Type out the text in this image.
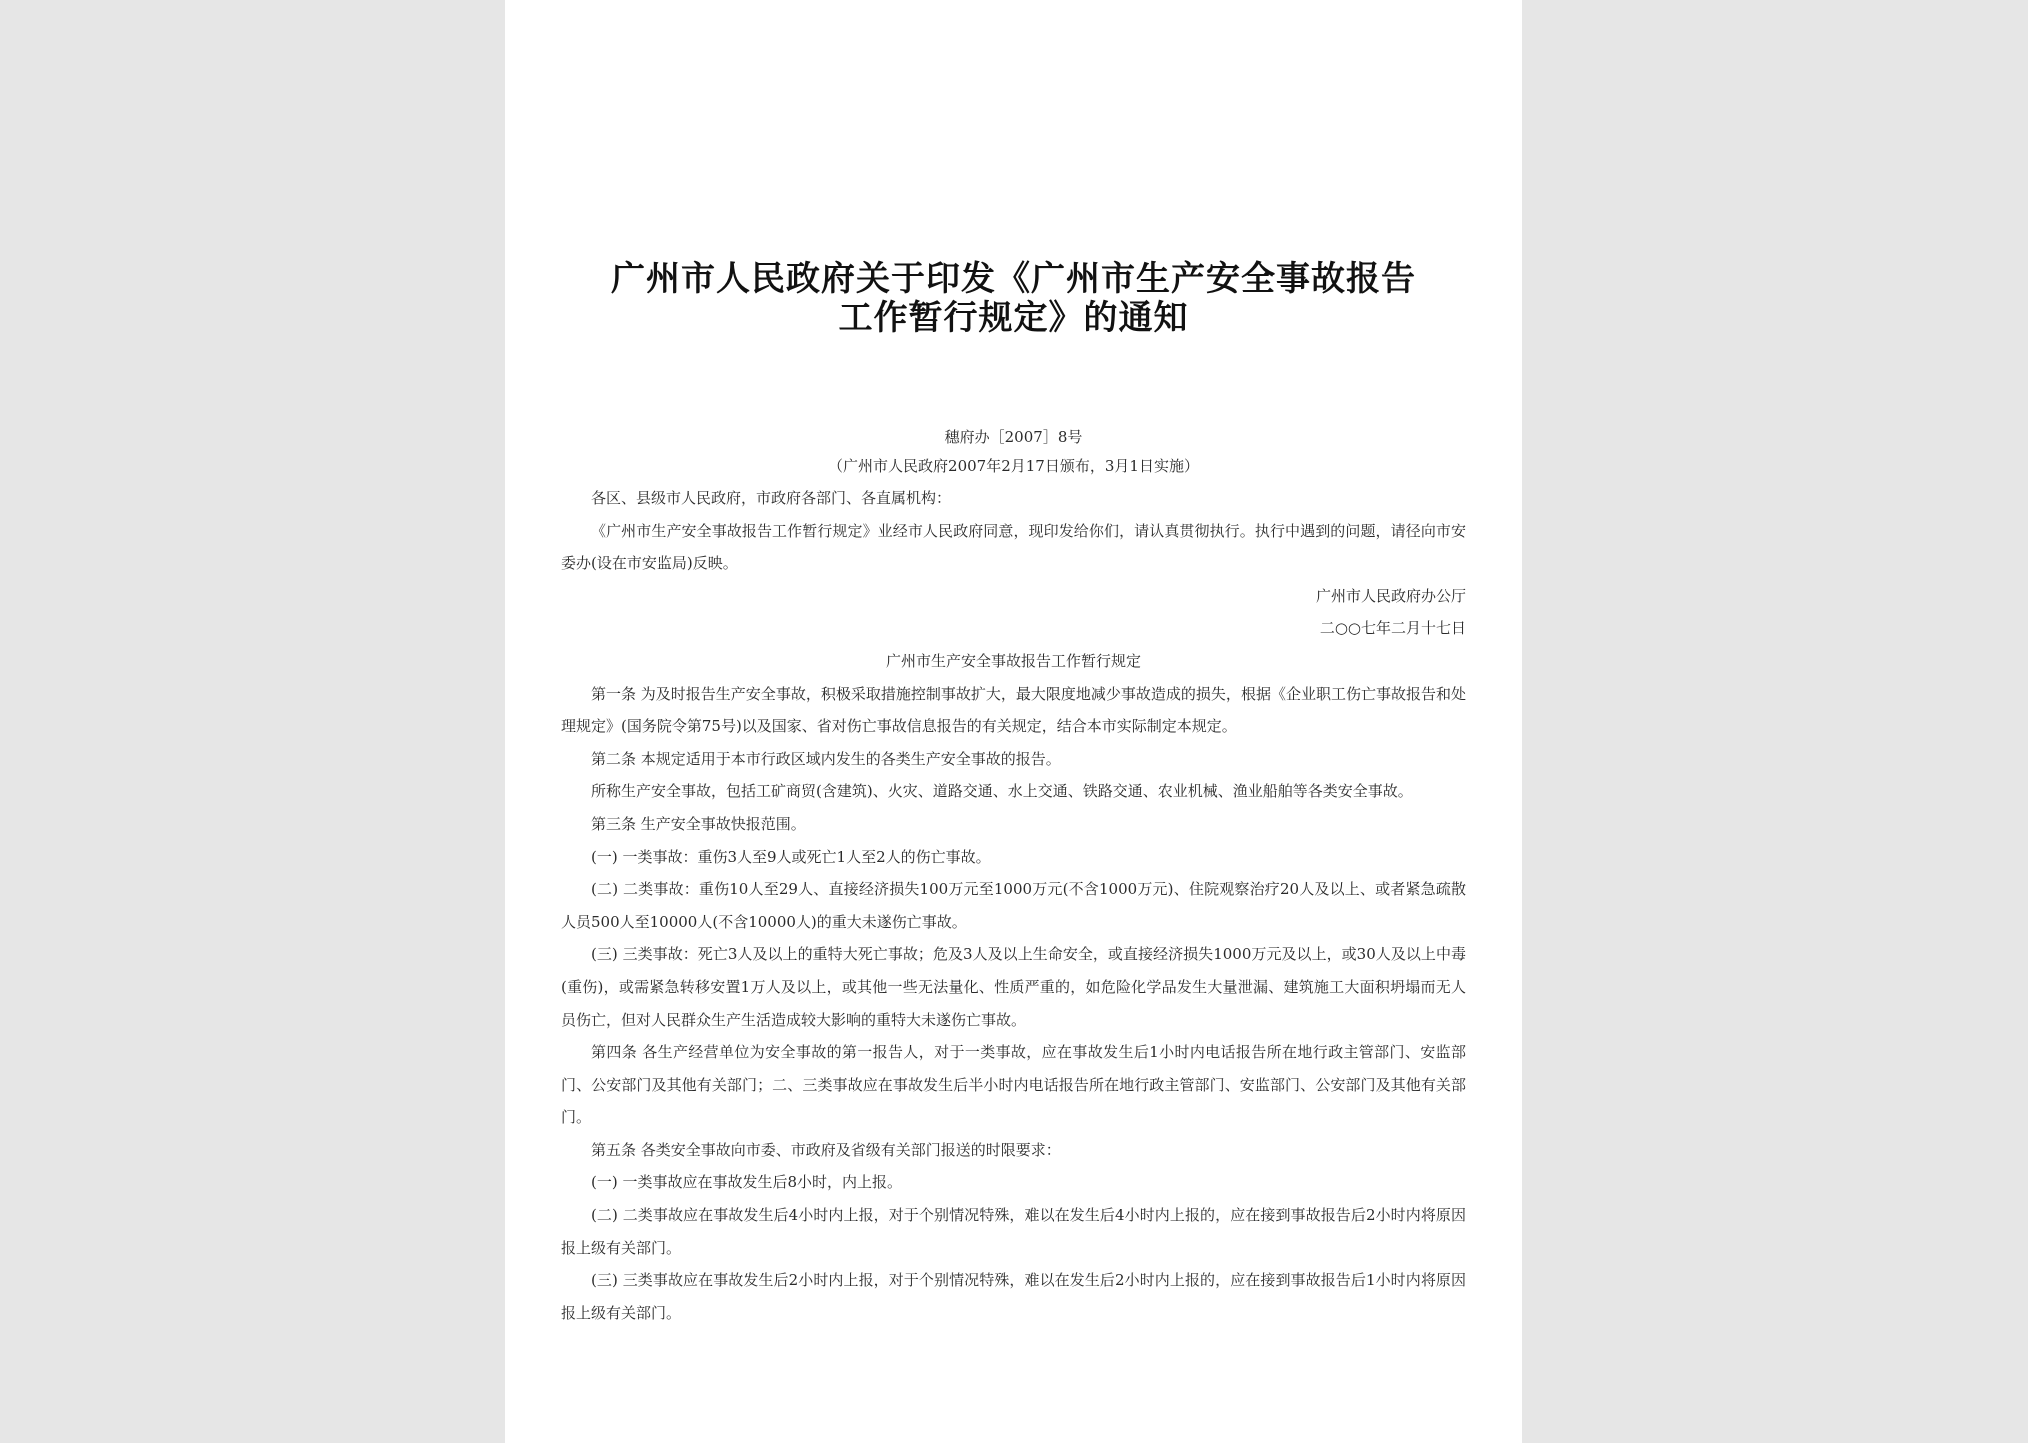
广州市人民政府关于印发《广州市生产安全事故报告
工作暂行规定》的通知
穗府办［2007］8号
（广州市人民政府2007年2月17日颁布，3月1日实施）

各区、县级市人民政府，市政府各部门、各直属机构：

《广州市生产安全事故报告工作暂行规定》业经市人民政府同意，现印发给你们，请认真贯彻执行。执行中遇到的问题，请径向市安委办(设在市安监局)反映。

广州市人民政府办公厅

二○○七年二月十七日

广州市生产安全事故报告工作暂行规定

第一条 为及时报告生产安全事故，积极采取措施控制事故扩大，最大限度地减少事故造成的损失，根据《企业职工伤亡事故报告和处理规定》(国务院令第75号)以及国家、省对伤亡事故信息报告的有关规定，结合本市实际制定本规定。

第二条 本规定适用于本市行政区域内发生的各类生产安全事故的报告。

所称生产安全事故，包括工矿商贸(含建筑)、火灾、道路交通、水上交通、铁路交通、农业机械、渔业船舶等各类安全事故。

第三条 生产安全事故快报范围。

(一) 一类事故：重伤3人至9人或死亡1人至2人的伤亡事故。

(二) 二类事故：重伤10人至29人、直接经济损失100万元至1000万元(不含1000万元)、住院观察治疗20人及以上、或者紧急疏散人员500人至10000人(不含10000人)的重大未遂伤亡事故。

(三) 三类事故：死亡3人及以上的重特大死亡事故；危及3人及以上生命安全，或直接经济损失1000万元及以上，或30人及以上中毒(重伤)，或需紧急转移安置1万人及以上，或其他一些无法量化、性质严重的，如危险化学品发生大量泄漏、建筑施工大面积坍塌而无人员伤亡，但对人民群众生产生活造成较大影响的重特大未遂伤亡事故。

第四条 各生产经营单位为安全事故的第一报告人，对于一类事故，应在事故发生后1小时内电话报告所在地行政主管部门、安监部门、公安部门及其他有关部门；二、三类事故应在事故发生后半小时内电话报告所在地行政主管部门、安监部门、公安部门及其他有关部门。

第五条 各类安全事故向市委、市政府及省级有关部门报送的时限要求：

(一) 一类事故应在事故发生后8小时，内上报。

(二) 二类事故应在事故发生后4小时内上报，对于个别情况特殊，难以在发生后4小时内上报的，应在接到事故报告后2小时内将原因报上级有关部门。

(三) 三类事故应在事故发生后2小时内上报，对于个别情况特殊，难以在发生后2小时内上报的，应在接到事故报告后1小时内将原因报上级有关部门。
